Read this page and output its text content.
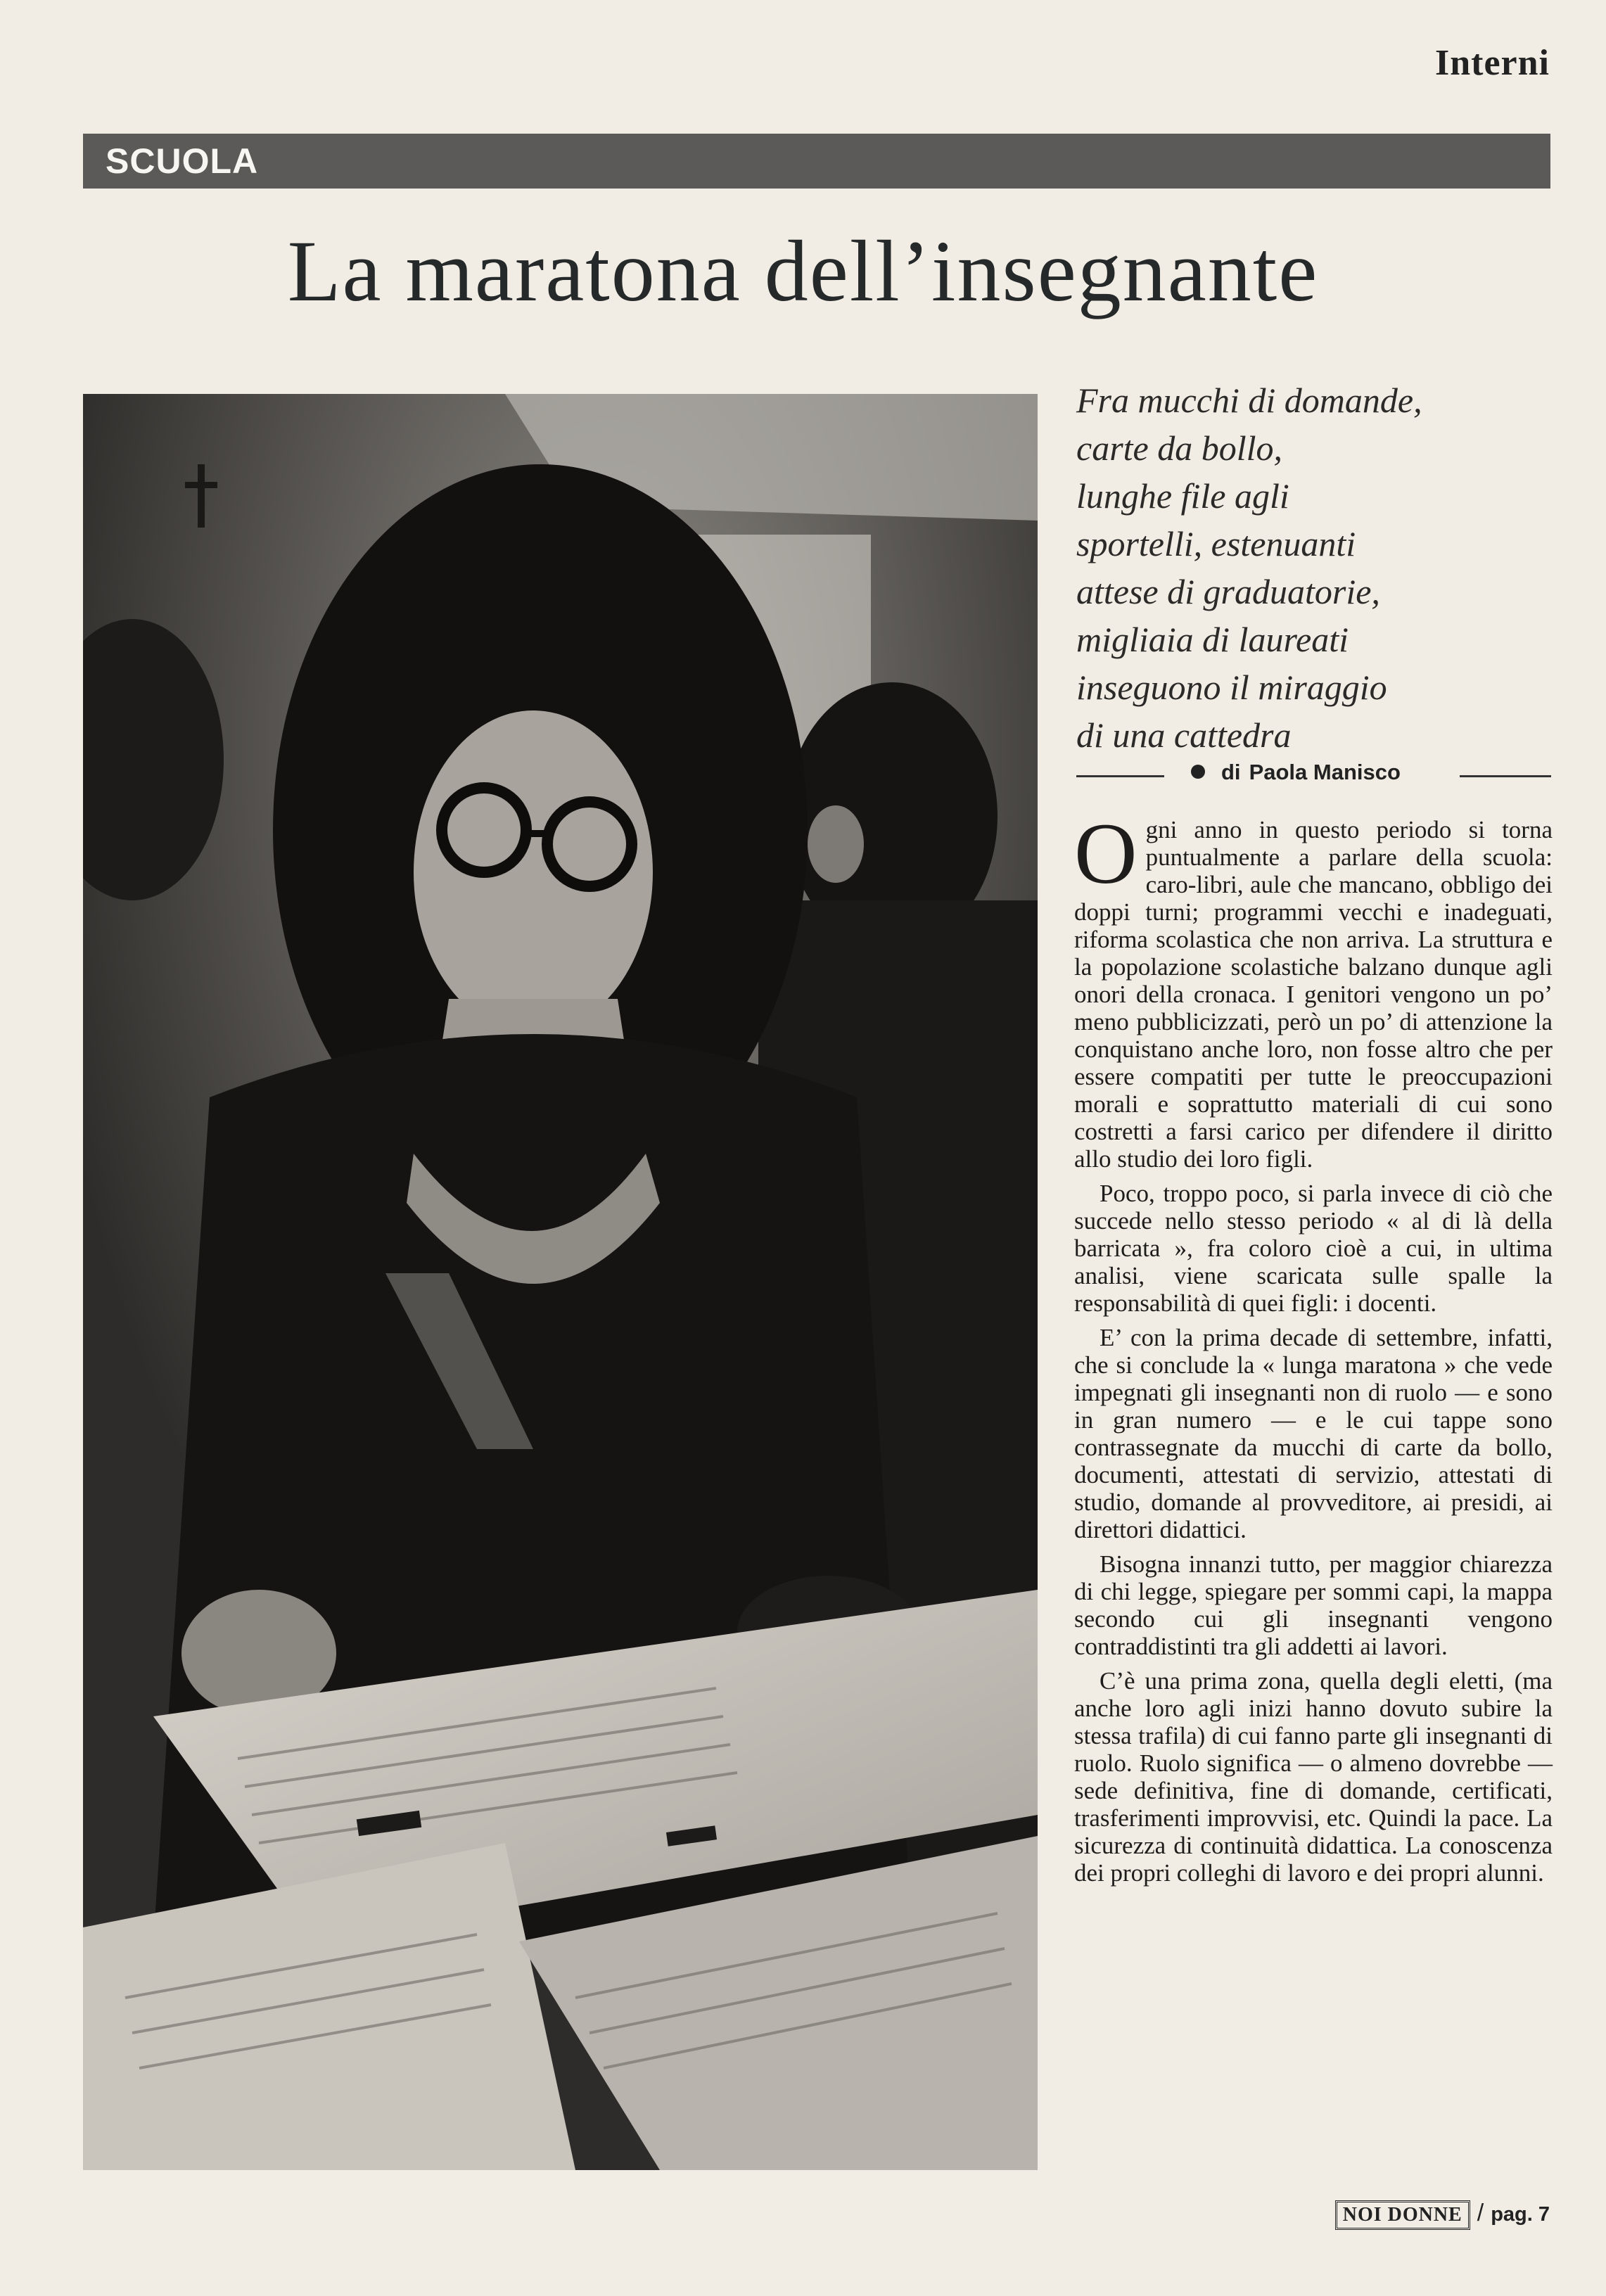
Interni
SCUOLA
La maratona dell’insegnante
Fra mucchi di domande,
carte da bollo,
lunghe file agli
sportelli, estenuanti
attese di graduatorie,
migliaia di laureati
inseguono il miraggio
di una cattedra
di Paola Manisco

Ogni anno in questo periodo si torna puntualmente a parlare della scuola: caro-libri, aule che mancano, obbligo dei doppi turni; programmi vecchi e inadeguati, riforma scolastica che non arriva. La struttura e la popolazione scolastiche balzano dunque agli onori della cronaca. I genitori vengono un po’ meno pubblicizzati, però un po’ di attenzione la conquistano anche loro, non fosse altro che per essere compatiti per tutte le preoccupazioni morali e soprattutto materiali di cui sono costretti a farsi carico per difendere il diritto allo studio dei loro figli.

Poco, troppo poco, si parla invece di ciò che succede nello stesso periodo « al di là della barricata », fra coloro cioè a cui, in ultima analisi, viene scaricata sulle spalle la responsabilità di quei figli: i docenti.

E’ con la prima decade di settembre, infatti, che si conclude la « lunga maratona » che vede impegnati gli insegnanti non di ruolo — e sono in gran numero — e le cui tappe sono contrassegnate da mucchi di carte da bollo, documenti, attestati di servizio, attestati di studio, domande al provveditore, ai presidi, ai direttori didattici.

Bisogna innanzi tutto, per maggior chiarezza di chi legge, spiegare per sommi capi, la mappa secondo cui gli insegnanti vengono contraddistinti tra gli addetti ai lavori.

C’è una prima zona, quella degli eletti, (ma anche loro agli inizi hanno dovuto subire la stessa trafila) di cui fanno parte gli insegnanti di ruolo. Ruolo significa — o almeno dovrebbe — sede definitiva, fine di domande, certificati, trasferimenti improvvisi, etc. Quindi la pace. La sicurezza di continuità didattica. La conoscenza dei propri colleghi di lavoro e dei propri alunni.

NOI DONNE / pag. 7
